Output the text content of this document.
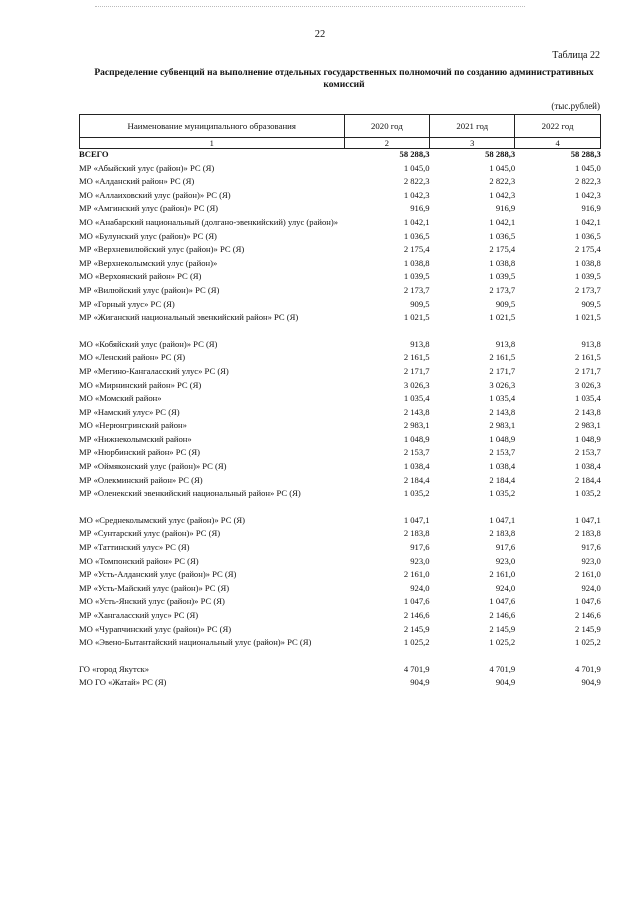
22
Таблица 22
Распределение субвенций на выполнение отдельных государственных полномочий по созданию административных комиссий
(тыс.рублей)
Наименование муниципального образования	2020 год	2021 год	2022 год
1	2	3	4
ВСЕГО	58 288,3	58 288,3	58 288,3
МР «Абыйский улус (район)» РС (Я)	1 045,0	1 045,0	1 045,0
МО «Алданский район» РС (Я)	2 822,3	2 822,3	2 822,3
МО «Аллаиховский улус (район)» РС (Я)	1 042,3	1 042,3	1 042,3
МР «Амгинский улус (район)» РС (Я)	916,9	916,9	916,9
МО «Анабарский национальный (долгано-эвенкийский) улус (район)»	1 042,1	1 042,1	1 042,1
МО «Булунский улус (район)» РС (Я)	1 036,5	1 036,5	1 036,5
МР «Верхневилюйский улус (район)» РС (Я)	2 175,4	2 175,4	2 175,4
МР «Верхнеколымский улус (район)»	1 038,8	1 038,8	1 038,8
МО «Верхоянский район» РС (Я)	1 039,5	1 039,5	1 039,5
МР «Вилюйский улус (район)» РС (Я)	2 173,7	2 173,7	2 173,7
МР «Горный улус» РС (Я)	909,5	909,5	909,5
МР «Жиганский национальный эвенкийский район» РС (Я)	1 021,5	1 021,5	1 021,5
МО «Кобяйский улус (район)» РС (Я)	913,8	913,8	913,8
МО «Ленский район» РС (Я)	2 161,5	2 161,5	2 161,5
МР «Мегино-Кангаласский улус» РС (Я)	2 171,7	2 171,7	2 171,7
МО «Мирнинский район» РС (Я)	3 026,3	3 026,3	3 026,3
МО «Момский район»	1 035,4	1 035,4	1 035,4
МР «Намский улус» РС (Я)	2 143,8	2 143,8	2 143,8
МО «Нерюнгринский район»	2 983,1	2 983,1	2 983,1
МР «Нижнеколымский район»	1 048,9	1 048,9	1 048,9
МР «Нюрбинский район» РС (Я)	2 153,7	2 153,7	2 153,7
МР «Оймяконский улус (район)» РС (Я)	1 038,4	1 038,4	1 038,4
МР «Олекминский район» РС (Я)	2 184,4	2 184,4	2 184,4
МР «Оленекский эвенкийский национальный район» РС (Я)	1 035,2	1 035,2	1 035,2
МО «Среднеколымский улус (район)» РС (Я)	1 047,1	1 047,1	1 047,1
МР «Сунтарский улус (район)» РС (Я)	2 183,8	2 183,8	2 183,8
МР «Таттинский улус» РС (Я)	917,6	917,6	917,6
МО «Томпонский район» РС (Я)	923,0	923,0	923,0
МР «Усть-Алданский улус (район)» РС (Я)	2 161,0	2 161,0	2 161,0
МР «Усть-Майский улус (район)» РС (Я)	924,0	924,0	924,0
МО «Усть-Янский улус (район)» РС (Я)	1 047,6	1 047,6	1 047,6
МР «Хангаласский улус» РС (Я)	2 146,6	2 146,6	2 146,6
МО «Чурапчинский улус (район)» РС (Я)	2 145,9	2 145,9	2 145,9
МО «Эвено-Бытантайский национальный улус (район)» РС (Я)	1 025,2	1 025,2	1 025,2
ГО «город Якутск»	4 701,9	4 701,9	4 701,9
МО ГО «Жатай» РС (Я)	904,9	904,9	904,9
